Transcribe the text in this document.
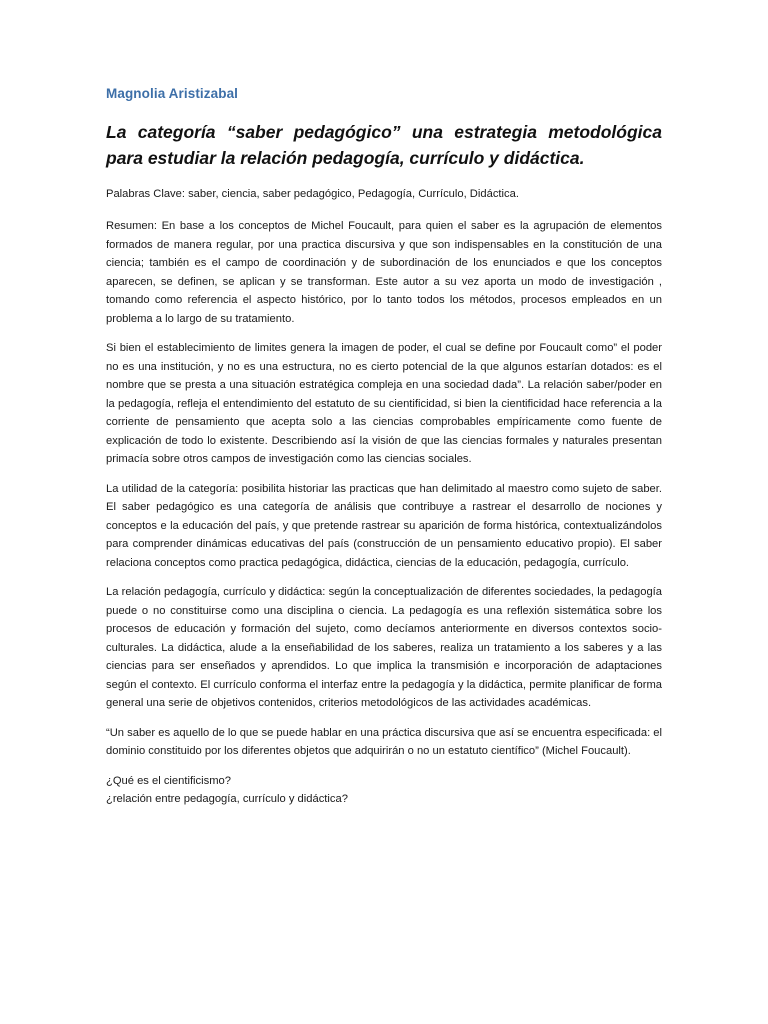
Magnolia Aristizabal
La categoría “saber pedagógico” una estrategia metodológica para estudiar la relación pedagogía, currículo y didáctica.
Palabras Clave: saber, ciencia, saber pedagógico, Pedagogía, Currículo, Didáctica.
Resumen: En base a los conceptos de Michel Foucault, para quien el saber es la agrupación de elementos formados de manera regular, por una practica discursiva y que son indispensables en la constitución de una ciencia; también es el campo de coordinación y de subordinación de los enunciados e que los conceptos aparecen, se definen, se aplican y se transforman. Este autor a su vez aporta un modo de investigación , tomando como referencia el aspecto histórico, por lo tanto todos los métodos, procesos empleados en un problema a lo largo de su tratamiento.
Si bien el establecimiento de limites genera la imagen de poder, el cual se define por Foucault como” el poder no es una institución, y no es una estructura, no es cierto potencial de la que algunos estarían dotados: es el nombre que se presta a una situación estratégica compleja en una sociedad dada”. La relación saber/poder en la pedagogía, refleja el entendimiento del estatuto de su cientificidad, si bien la cientificidad hace referencia a la corriente de pensamiento que acepta solo a las ciencias comprobables empíricamente como fuente de explicación de todo lo existente. Describiendo así la visión de que las ciencias formales y naturales presentan primacía sobre otros campos de investigación como las ciencias sociales.
La utilidad de la categoría: posibilita historiar las practicas que han delimitado al maestro como sujeto de saber. El saber pedagógico es una categoría de análisis que contribuye a rastrear el desarrollo de nociones y conceptos e la educación del país, y que pretende rastrear su aparición de forma histórica, contextualizándolos para comprender dinámicas educativas del país (construcción de un pensamiento educativo propio). El saber relaciona conceptos como practica pedagógica, didáctica, ciencias de la educación, pedagogía, currículo.
La relación pedagogía, currículo y didáctica: según la conceptualización de diferentes sociedades, la pedagogía puede o no constituirse como una disciplina o ciencia. La pedagogía es una reflexión sistemática sobre los procesos de educación y formación del sujeto, como decíamos anteriormente en diversos contextos socio-culturales. La didáctica, alude a la enseñabilidad de los saberes, realiza un tratamiento a los saberes y a las ciencias para ser enseñados y aprendidos. Lo que implica la transmisión e incorporación de adaptaciones según el contexto. El currículo conforma el interfaz entre la pedagogía y la didáctica, permite planificar de forma general una serie de objetivos contenidos, criterios metodológicos de las actividades académicas.
“Un saber es aquello de lo que se puede hablar en una práctica discursiva que así se encuentra especificada: el dominio constituido por los diferentes objetos que adquirirán o no un estatuto científico” (Michel Foucault).
¿Qué es el cientificismo?
¿relación entre pedagogía, currículo y didáctica?
